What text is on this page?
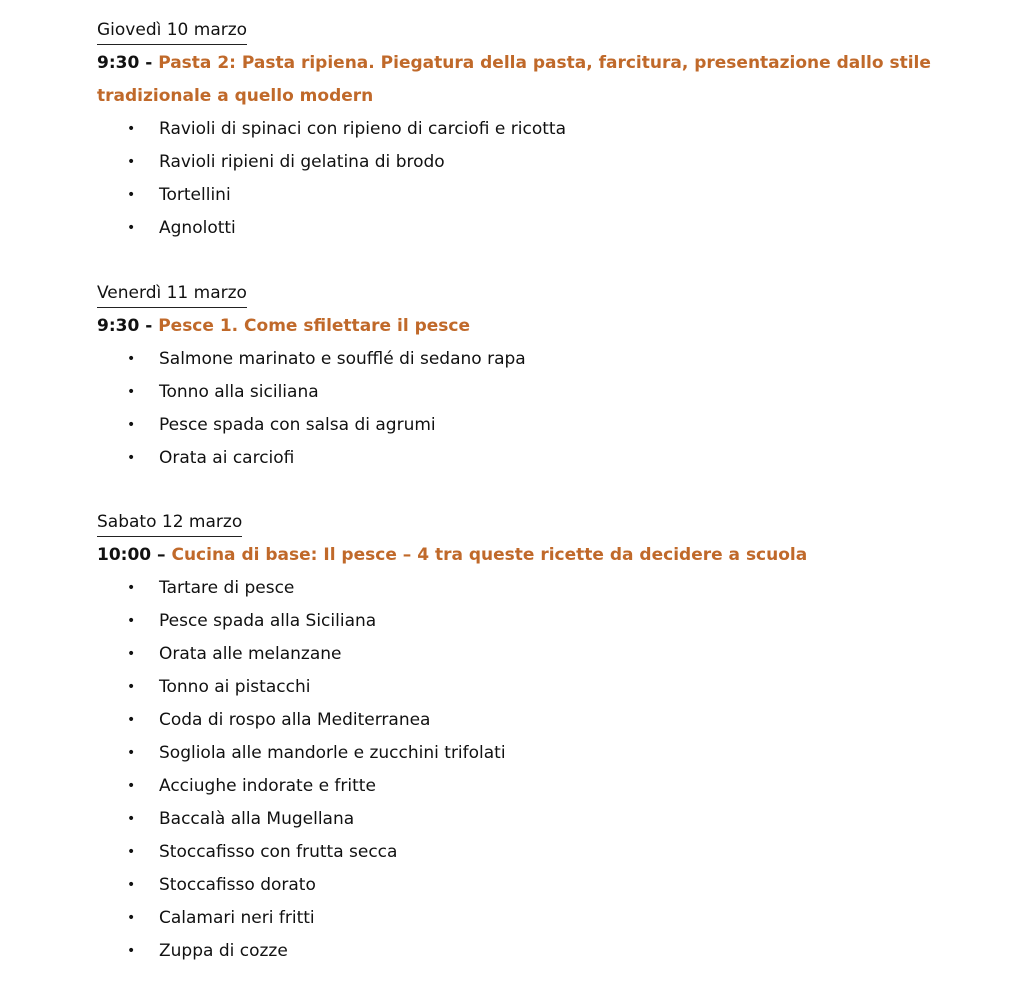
Giovedì 10 marzo
9:30 - Pasta 2: Pasta ripiena. Piegatura della pasta, farcitura, presentazione dallo stile tradizionale a quello modern
• Ravioli di spinaci con ripieno di carciofi e ricotta
• Ravioli ripieni di gelatina di brodo
• Tortellini
• Agnolotti
Venerdì 11 marzo
9:30 - Pesce 1. Come sfilettare il pesce
• Salmone marinato e soufflé di sedano rapa
• Tonno alla siciliana
• Pesce spada con salsa di agrumi
• Orata ai carciofi
Sabato 12 marzo
10:00 – Cucina di base: Il pesce – 4 tra queste ricette da decidere a scuola
• Tartare di pesce
• Pesce spada alla Siciliana
• Orata alle melanzane
• Tonno ai pistacchi
• Coda di rospo alla Mediterranea
• Sogliola alle mandorle e zucchini trifolati
• Acciughe indorate e fritte
• Baccalà alla Mugellana
• Stoccafisso con frutta secca
• Stoccafisso dorato
• Calamari neri fritti
• Zuppa di cozze
